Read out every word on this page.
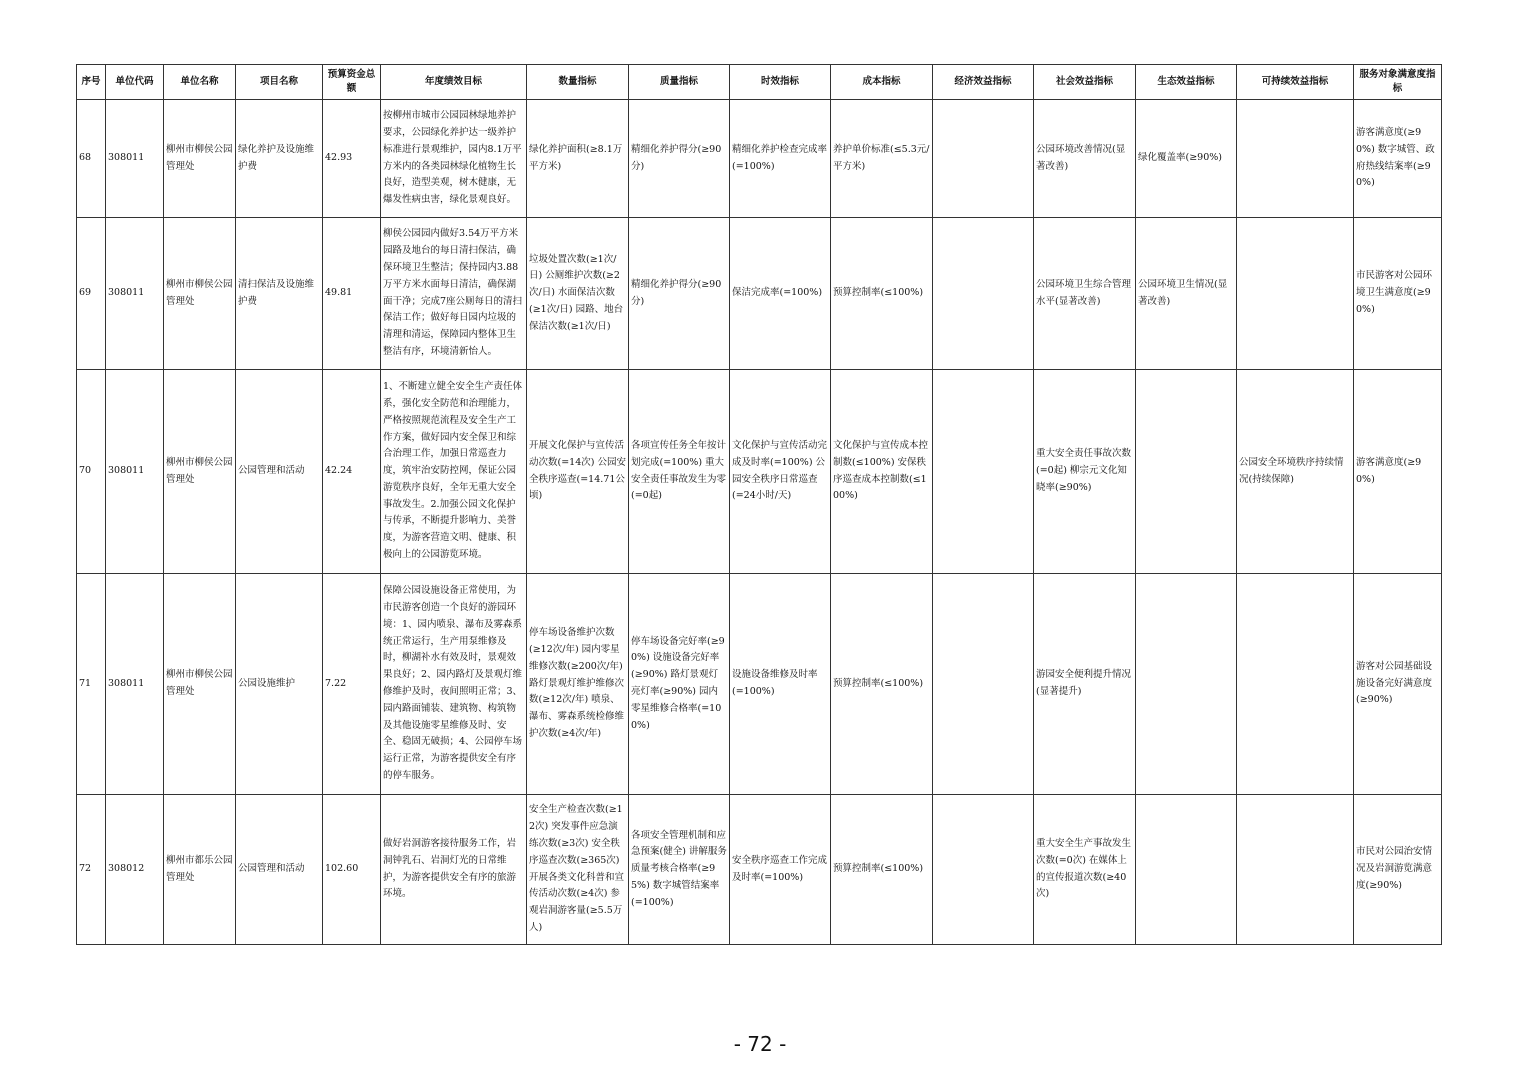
序号	单位代码	单位名称	项目名称	预算资金总额	年度绩效目标	数量指标	质量指标	时效指标	成本指标	经济效益指标	社会效益指标	生态效益指标	可持续效益指标	服务对象满意度指标
68	308011	柳州市柳侯公园管理处	绿化养护及设施维护费	42.93	按柳州市城市公园园林绿地养护要求，公园绿化养护达一级养护标准进行景观维护，园内8.1万平方米内的各类园林绿化植物生长良好，造型美观，树木健康，无爆发性病虫害，绿化景观良好。	绿化养护面积(≥8.1万平方米)	精细化养护得分(≥90分)	精细化养护检查完成率(=100%)	养护单价标准(≤5.3元/平方米)		公园环境改善情况(显著改善)	绿化覆盖率(≥90%)		游客满意度(≥90%) 数字城管、政府热线结案率(≥90%)
69	308011	柳州市柳侯公园管理处	清扫保洁及设施维护费	49.81	柳侯公园园内做好3.54万平方米园路及地台的每日清扫保洁，确保环境卫生整洁；保持园内3.88万平方米水面每日清洁，确保湖面干净；完成7座公厕每日的清扫保洁工作；做好每日园内垃圾的清理和清运，保障园内整体卫生整洁有序，环境清新怡人。	垃圾处置次数(≥1次/日) 公厕维护次数(≥2次/日) 水面保洁次数(≥1次/日) 园路、地台保洁次数(≥1次/日)	精细化养护得分(≥90分)	保洁完成率(=100%)	预算控制率(≤100%)		公园环境卫生综合管理水平(显著改善)	公园环境卫生情况(显著改善)		市民游客对公园环境卫生满意度(≥90%)
70	308011	柳州市柳侯公园管理处	公园管理和活动	42.24	1、不断建立健全安全生产责任体系，强化安全防范和治理能力，严格按照规范流程及安全生产工作方案，做好园内安全保卫和综合治理工作，加强日常巡查力度，筑牢治安防控网，保证公园游览秩序良好，全年无重大安全事故发生。2.加强公园文化保护与传承，不断提升影响力、美誉度，为游客营造文明、健康、积极向上的公园游览环境。	开展文化保护与宣传活动次数(=14次) 公园安全秩序巡查(=14.71公顷)	各项宣传任务全年按计划完成(=100%) 重大安全责任事故发生为零(=0起)	文化保护与宣传活动完成及时率(=100%) 公园安全秩序日常巡查(=24小时/天)	文化保护与宣传成本控制数(≤100%) 安保秩序巡查成本控制数(≤100%)		重大安全责任事故次数(=0起) 柳宗元文化知晓率(≥90%)		公园安全环境秩序持续情况(持续保障)	游客满意度(≥90%)
71	308011	柳州市柳侯公园管理处	公园设施维护	7.22	保障公园设施设备正常使用，为市民游客创造一个良好的游园环境：1、园内喷泉、瀑布及雾森系统正常运行，生产用泵维修及时，柳湖补水有效及时，景观效果良好；2、园内路灯及景观灯维修维护及时，夜间照明正常；3、园内路面铺装、建筑物、构筑物及其他设施零星维修及时、安全、稳固无破损；4、公园停车场运行正常，为游客提供安全有序的停车服务。	停车场设备维护次数(≥12次/年) 园内零星维修次数(≥200次/年) 路灯景观灯维护维修次数(≥12次/年) 喷泉、瀑布、雾森系统检修维护次数(≥4次/年)	停车场设备完好率(≥90%) 设施设备完好率(≥90%) 路灯景观灯亮灯率(≥90%) 园内零星维修合格率(=100%)	设施设备维修及时率(=100%)	预算控制率(≤100%)		游园安全便利提升情况(显著提升)			游客对公园基础设施设备完好满意度(≥90%)
72	308012	柳州市都乐公园管理处	公园管理和活动	102.60	做好岩洞游客接待服务工作，岩洞钟乳石、岩洞灯光的日常维护，为游客提供安全有序的旅游环境。	安全生产检查次数(≥12次) 突发事件应急演练次数(≥3次) 安全秩序巡查次数(≥365次) 开展各类文化科普和宣传活动次数(≥4次) 参观岩洞游客量(≥5.5万人)	各项安全管理机制和应急预案(健全) 讲解服务质量考核合格率(≥95%) 数字城管结案率(=100%)	安全秩序巡查工作完成及时率(=100%)	预算控制率(≤100%)		重大安全生产事故发生次数(=0次) 在媒体上的宣传报道次数(≥40次)			市民对公园治安情况及岩洞游览满意度(≥90%)
- 72 -
